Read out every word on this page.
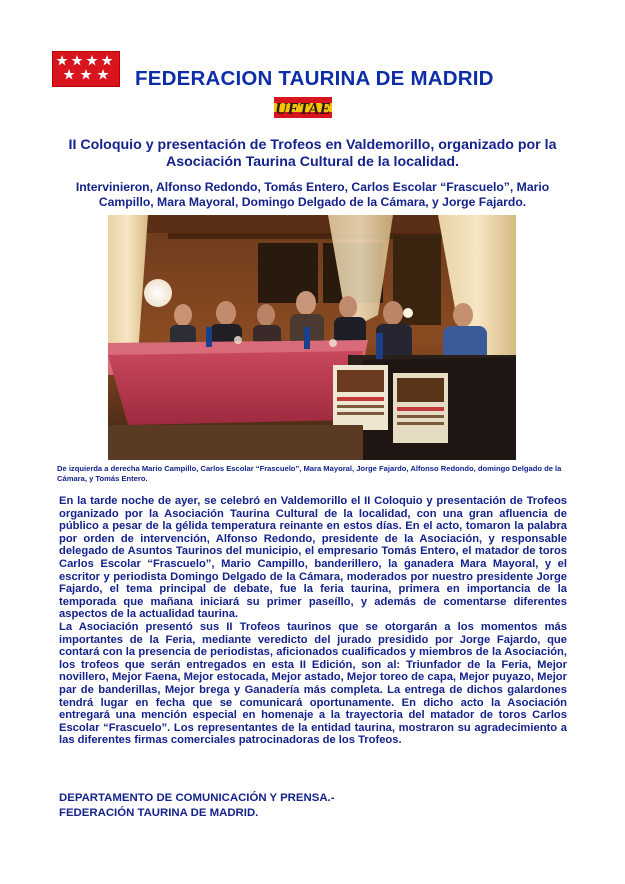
FEDERACION TAURINA DE MADRID
UFTAE
II Coloquio y presentación de Trofeos en Valdemorillo, organizado por la Asociación Taurina Cultural de la localidad.
Intervinieron, Alfonso Redondo, Tomás Entero, Carlos Escolar “Frascuelo”, Mario Campillo, Mara Mayoral, Domingo Delgado de la Cámara, y Jorge Fajardo.
De izquierda a derecha Mario Campillo, Carlos Escolar “Frascuelo”, Mara Mayoral, Jorge Fajardo, Alfonso Redondo, domingo Delgado de la Cámara, y Tomás Entero.

En la tarde noche de ayer, se celebró en Valdemorillo el II Coloquio y presentación de Trofeos organizado por la Asociación Taurina Cultural de la localidad, con una gran afluencia de público a pesar de la gélida temperatura reinante en estos días. En el acto, tomaron la palabra por orden de intervención, Alfonso Redondo, presidente de la Asociación, y responsable delegado de Asuntos Taurinos del municipio, el empresario Tomás Entero, el matador de toros Carlos Escolar “Frascuelo”, Mario Campillo, banderillero, la ganadera Mara Mayoral, y el escritor y periodista Domingo Delgado de la Cámara, moderados por nuestro presidente Jorge Fajardo, el tema principal de debate, fue la feria taurina, primera en importancia de la temporada que mañana iniciará su primer paseíllo, y además de comentarse diferentes aspectos de la actualidad taurina.

La Asociación presentó sus II Trofeos taurinos que se otorgarán a los momentos más importantes de la Feria, mediante veredicto del jurado presidido por Jorge Fajardo, que contará con la presencia de periodistas, aficionados cualificados y miembros de la Asociación, los trofeos que serán entregados en esta II Edición, son al: Triunfador de la Feria, Mejor novillero, Mejor Faena, Mejor estocada, Mejor astado, Mejor toreo de capa, Mejor puyazo, Mejor par de banderillas, Mejor brega y Ganadería más completa. La entrega de dichos galardones tendrá lugar en fecha que se comunicará oportunamente. En dicho acto la Asociación entregará una mención especial en homenaje a la trayectoria del matador de toros Carlos Escolar “Frascuelo”. Los representantes de la entidad taurina, mostraron su agradecimiento a las diferentes firmas comerciales patrocinadoras de los Trofeos.

DEPARTAMENTO DE COMUNICACIÓN Y PRENSA.-
FEDERACIÓN TAURINA DE MADRID.
